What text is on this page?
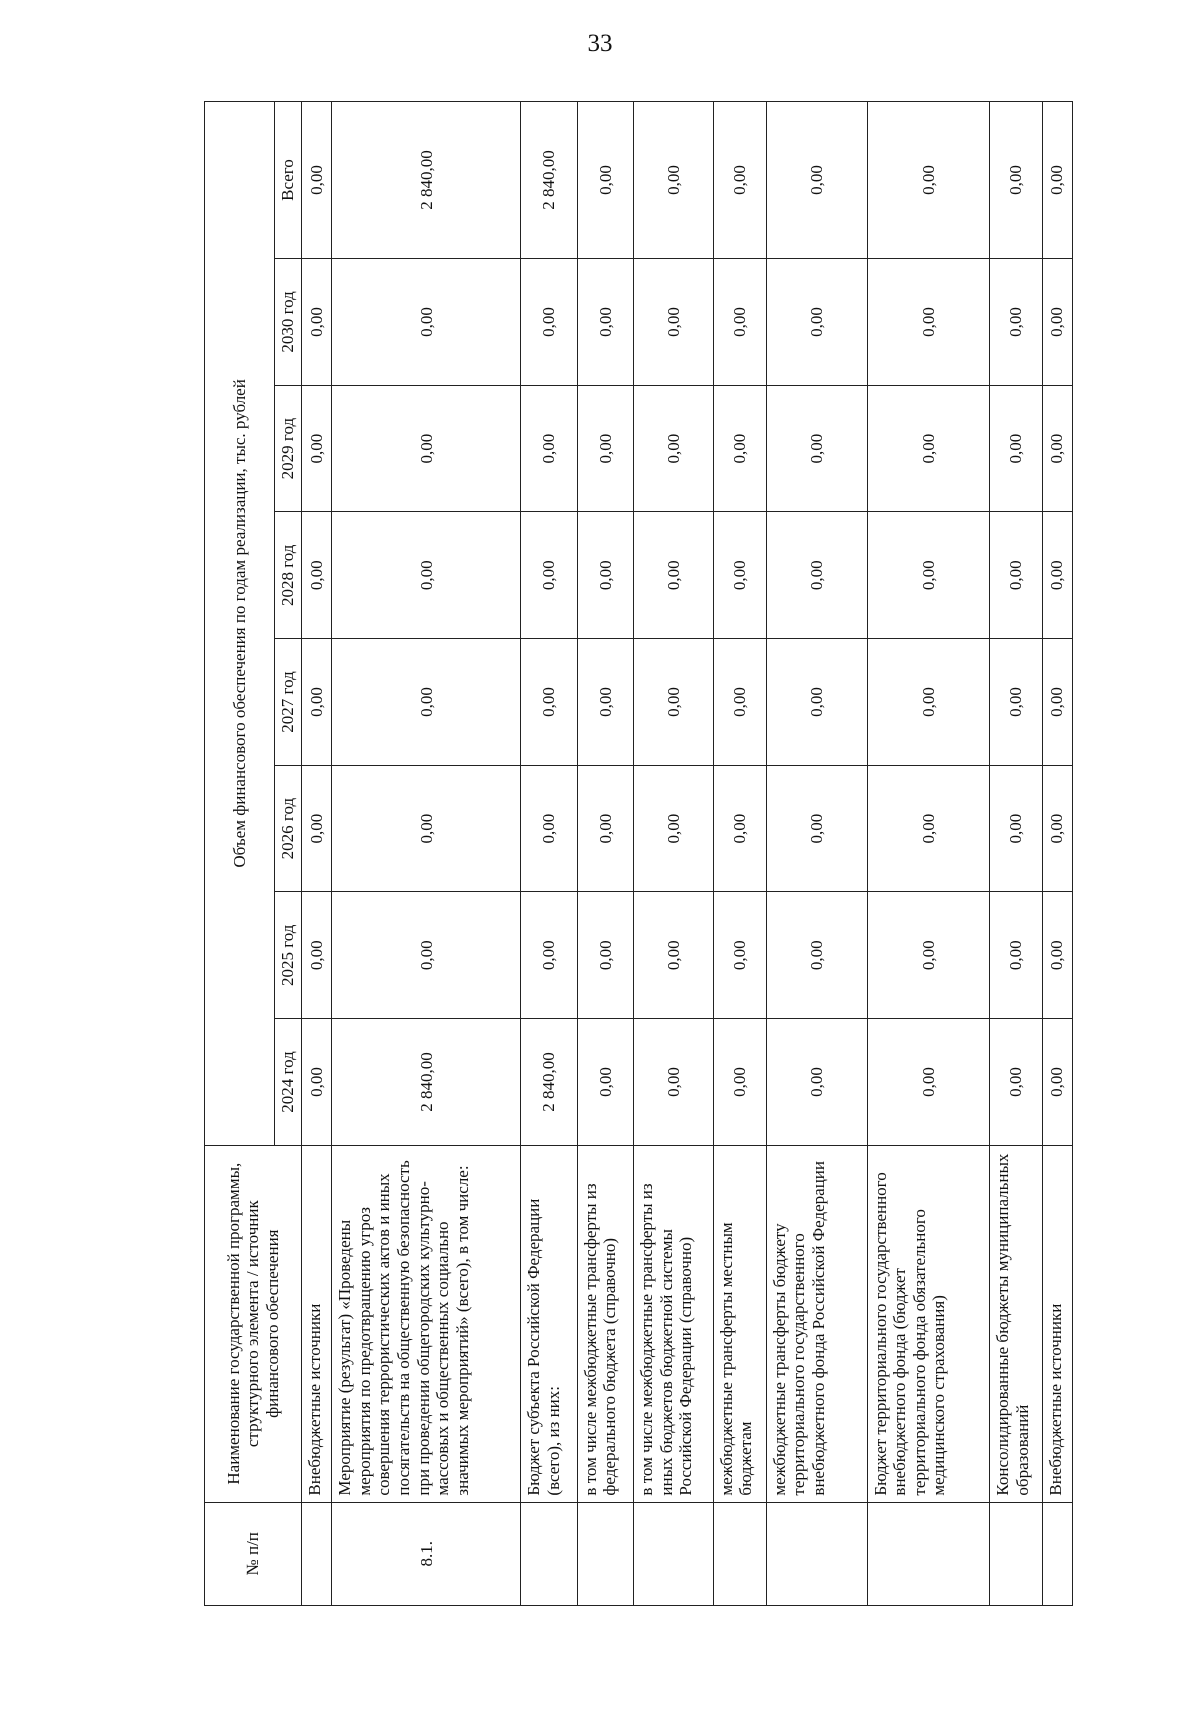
33
№ п/п	Наименование государственной программы, структурного элемента / источник финансового обеспечения	Объем финансового обеспечения по годам реализации, тыс. рублей							
		2024 год	2025 год	2026 год	2027 год	2028 год	2029 год	2030 год	Всего
	Внебюджетные источники	0,00	0,00	0,00	0,00	0,00	0,00	0,00	0,00
8.1.	Мероприятие (результат) «Проведены мероприятия по предотвращению угроз совершения террористических актов и иных посягательств на общественную безопасность при проведении общегородских культурно-массовых и общественных социально значимых мероприятий» (всего), в том числе:	2 840,00	0,00	0,00	0,00	0,00	0,00	0,00	2 840,00
	Бюджет субъекта Российской Федерации (всего), из них:	2 840,00	0,00	0,00	0,00	0,00	0,00	0,00	2 840,00
	в том числе межбюджетные трансферты из федерального бюджета (справочно)	0,00	0,00	0,00	0,00	0,00	0,00	0,00	0,00
	в том числе межбюджетные трансферты из иных бюджетов бюджетной системы Российской Федерации (справочно)	0,00	0,00	0,00	0,00	0,00	0,00	0,00	0,00
	межбюджетные трансферты местным бюджетам	0,00	0,00	0,00	0,00	0,00	0,00	0,00	0,00
	межбюджетные трансферты бюджету территориального государственного внебюджетного фонда Российской Федерации	0,00	0,00	0,00	0,00	0,00	0,00	0,00	0,00
	Бюджет территориального государственного внебюджетного фонда (бюджет территориального фонда обязательного медицинского страхования)	0,00	0,00	0,00	0,00	0,00	0,00	0,00	0,00
	Консолидированные бюджеты муниципальных образований	0,00	0,00	0,00	0,00	0,00	0,00	0,00	0,00
	Внебюджетные источники	0,00	0,00	0,00	0,00	0,00	0,00	0,00	0,00
